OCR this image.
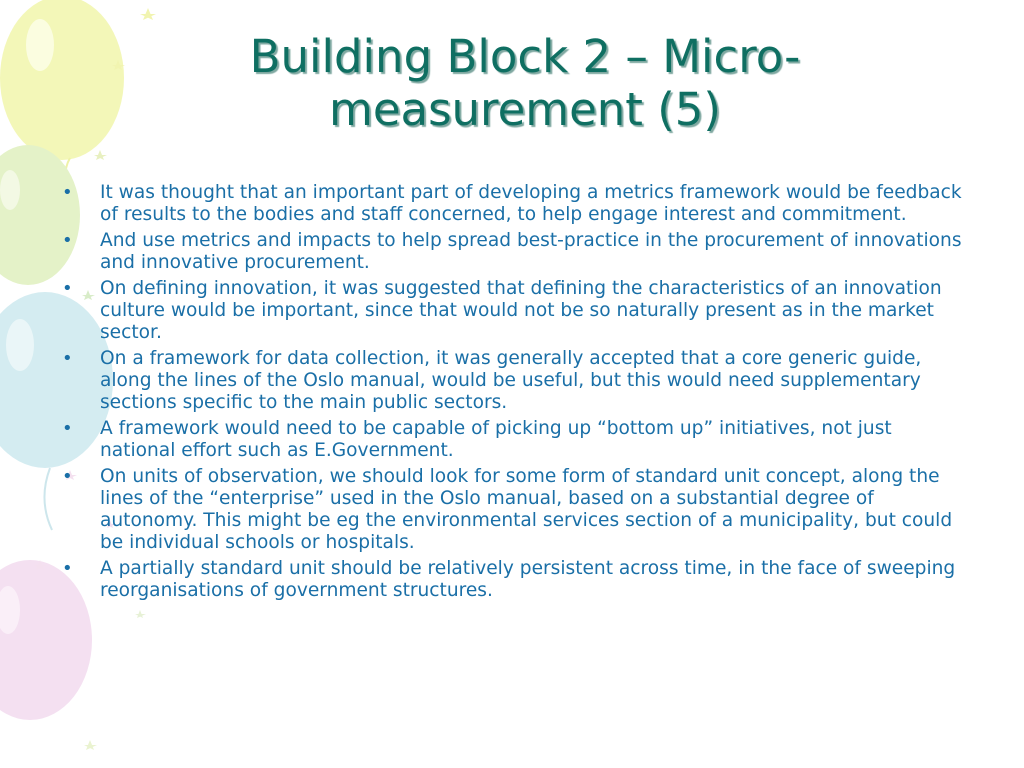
Building Block 2 – Micro-
measurement (5)
• It was thought that an important part of developing a metrics framework would be feedback of results to the bodies and staff concerned, to help engage interest and commitment.
• And use metrics and impacts to help spread best-practice in the procurement of innovations and innovative procurement.
• On defining innovation, it was suggested that defining the characteristics of an innovation culture would be important, since that would not be so naturally present as in the market sector.
• On a framework for data collection, it was generally accepted that a core generic guide, along the lines of the Oslo manual, would be useful, but this would need supplementary sections specific to the main public sectors.
• A framework would need to be capable of picking up “bottom up” initiatives, not just national effort such as E.Government.
• On units of observation, we should look for some form of standard unit concept, along the lines of the “enterprise” used in the Oslo manual, based on a substantial degree of autonomy. This might be eg the environmental services section of a municipality, but could be individual schools or hospitals.
• A partially standard unit should be relatively persistent across time, in the face of sweeping reorganisations of government structures.
